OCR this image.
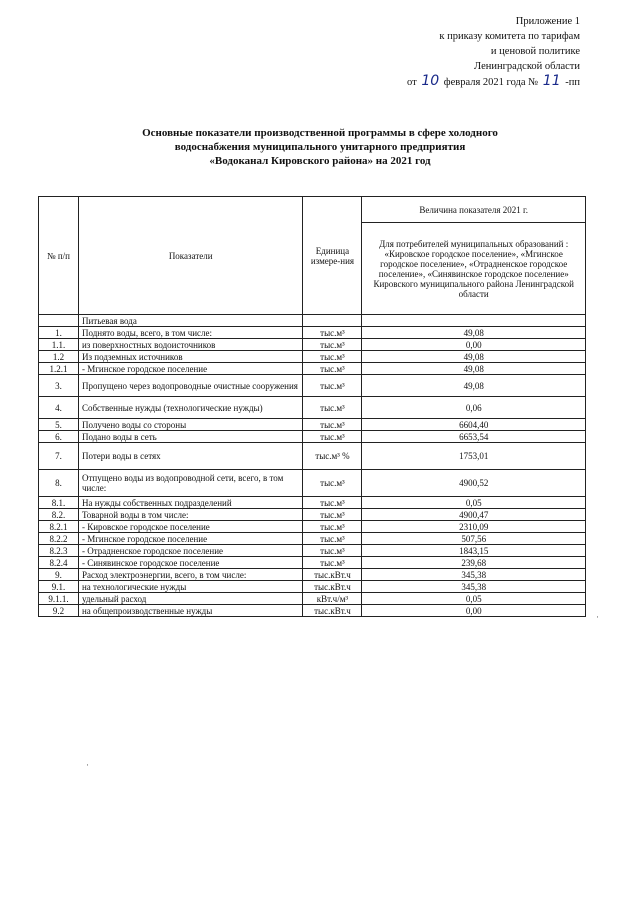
Приложение 1
к приказу комитета по тарифам
и ценовой политике
Ленинградской области
от 10 февраля 2021 года № 11 -пп
Основные показатели производственной программы в сфере холодного
водоснабжения муниципального унитарного предприятия
«Водоканал Кировского района» на 2021 год
№ п/п	Показатели	Единица измере-ния	Величина показателя 2021 г.
			Для потребителей муниципальных образований : «Кировское городское поселение», «Мгинское городское поселение», «Отрадненское городское поселение», «Синявинское городское поселение» Кировского муниципального района Ленинградской области
	Питьевая вода		
1.	Поднято воды, всего, в том числе:	тыс.м³	49,08
1.1.	из поверхностных водоисточников	тыс.м³	0,00
1.2	Из подземных источников	тыс.м³	49,08
1.2.1	- Мгинское городское поселение	тыс.м³	49,08
3.	Пропущено через водопроводные очистные сооружения	тыс.м³	49,08
4.	Собственные нужды (технологические нужды)	тыс.м³	0,06
5.	Получено воды со стороны	тыс.м³	6604,40
6.	Подано воды в сеть	тыс.м³	6653,54
7.	Потери воды в сетях	тыс.м³ %	1753,01
8.	Отпущено воды из водопроводной сети, всего, в том числе:	тыс.м³	4900,52
8.1.	На нужды собственных подразделений	тыс.м³	0,05
8.2.	Товарной воды в том числе:	тыс.м³	4900,47
8.2.1	- Кировское городское поселение	тыс.м³	2310,09
8.2.2	- Мгинское городское поселение	тыс.м³	507,56
8.2.3	- Отрадненское городское поселение	тыс.м³	1843,15
8.2.4	- Синявинское городское поселение	тыс.м³	239,68
9.	Расход электроэнергии, всего, в том числе:	тыс.кВт.ч	345,38
9.1.	на технологические нужды	тыс.кВт.ч	345,38
9.1.1.	удельный расход	кВт.ч/м³	0,05
9.2	на общепроизводственные нужды	тыс.кВт.ч	0,00
·
·
